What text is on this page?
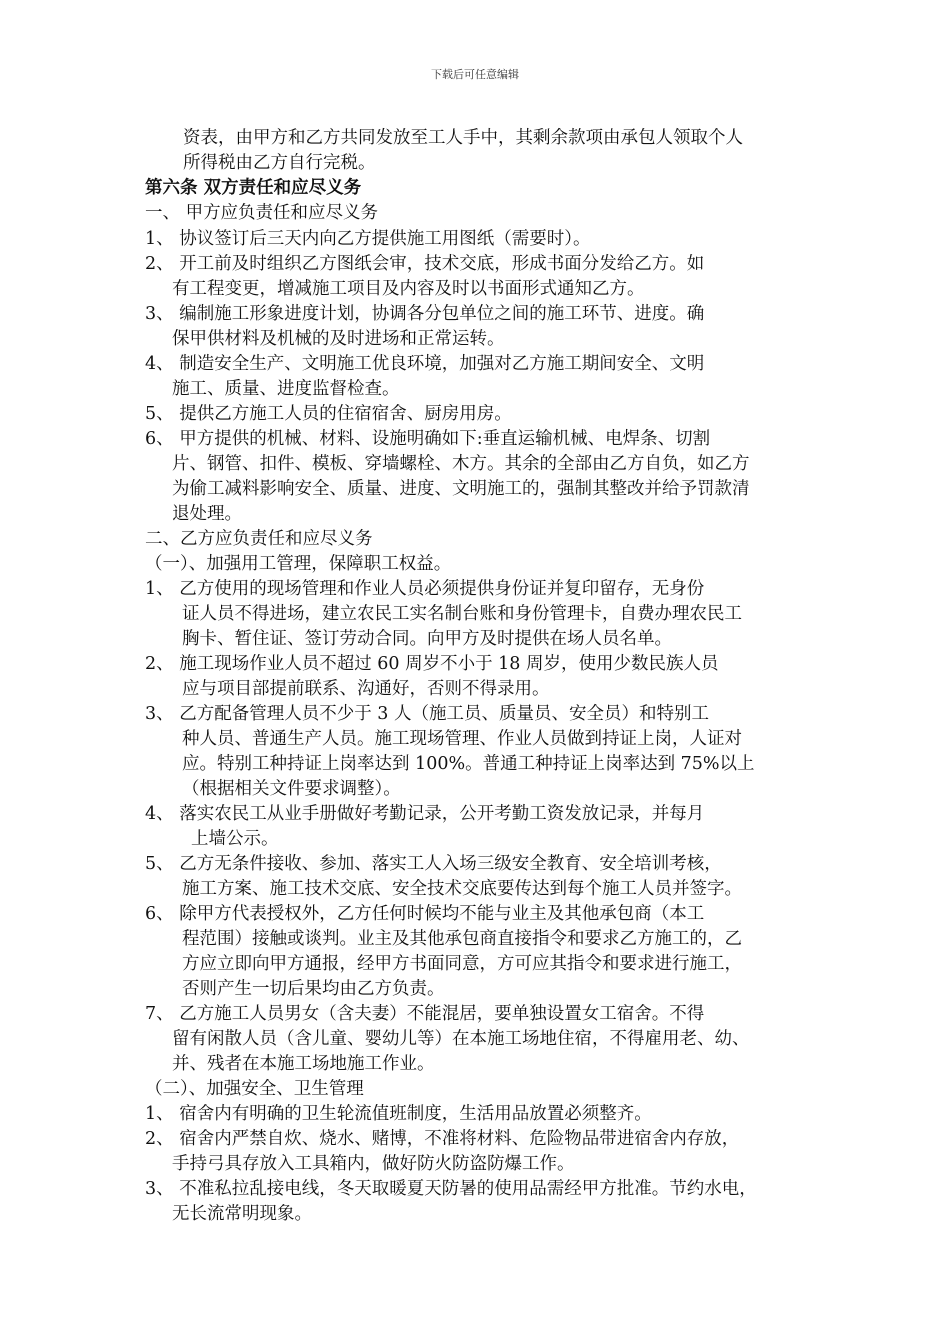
下载后可任意编辑
资表，由甲方和乙方共同发放至工人手中，其剩余款项由承包人领取个人
所得税由乙方自行完税。
第六条 双方责任和应尽义务
一、 甲方应负责任和应尽义务
1、 协议签订后三天内向乙方提供施工用图纸（需要时）。
2、 开工前及时组织乙方图纸会审，技术交底，形成书面分发给乙方。如
有工程变更，增减施工项目及内容及时以书面形式通知乙方。
3、 编制施工形象进度计划，协调各分包单位之间的施工环节、进度。确
保甲供材料及机械的及时进场和正常运转。
4、 制造安全生产、文明施工优良环境，加强对乙方施工期间安全、文明
施工、质量、进度监督检查。
5、 提供乙方施工人员的住宿宿舍、厨房用房。
6、 甲方提供的机械、材料、设施明确如下:垂直运输机械、电焊条、切割
片、钢管、扣件、模板、穿墙螺栓、木方。其余的全部由乙方自负，如乙方
为偷工减料影响安全、质量、进度、文明施工的，强制其整改并给予罚款清
退处理。
二、乙方应负责任和应尽义务
（一）、加强用工管理，保障职工权益。
1、 乙方使用的现场管理和作业人员必须提供身份证并复印留存，无身份
证人员不得进场，建立农民工实名制台账和身份管理卡，自费办理农民工
胸卡、暂住证、签订劳动合同。向甲方及时提供在场人员名单。
2、 施工现场作业人员不超过 60 周岁不小于 18 周岁，使用少数民族人员
应与项目部提前联系、沟通好，否则不得录用。
3、 乙方配备管理人员不少于 3 人（施工员、质量员、安全员）和特别工
种人员、普通生产人员。施工现场管理、作业人员做到持证上岗，人证对
应。特别工种持证上岗率达到 100%。普通工种持证上岗率达到 75%以上
（根据相关文件要求调整）。
4、 落实农民工从业手册做好考勤记录，公开考勤工资发放记录，并每月
上墙公示。
5、 乙方无条件接收、参加、落实工人入场三级安全教育、安全培训考核，
施工方案、施工技术交底、安全技术交底要传达到每个施工人员并签字。
6、 除甲方代表授权外，乙方任何时候均不能与业主及其他承包商（本工
程范围）接触或谈判。业主及其他承包商直接指令和要求乙方施工的，乙
方应立即向甲方通报，经甲方书面同意，方可应其指令和要求进行施工，
否则产生一切后果均由乙方负责。
7、 乙方施工人员男女（含夫妻）不能混居，要单独设置女工宿舍。不得
留有闲散人员（含儿童、婴幼儿等）在本施工场地住宿，不得雇用老、幼、
并、残者在本施工场地施工作业。
（二）、加强安全、卫生管理
1、 宿舍内有明确的卫生轮流值班制度，生活用品放置必须整齐。
2、 宿舍内严禁自炊、烧水、赌博，不准将材料、危险物品带进宿舍内存放，
手持弓具存放入工具箱内，做好防火防盗防爆工作。
3、 不准私拉乱接电线，冬天取暖夏天防暑的使用品需经甲方批准。节约水电，
无长流常明现象。
